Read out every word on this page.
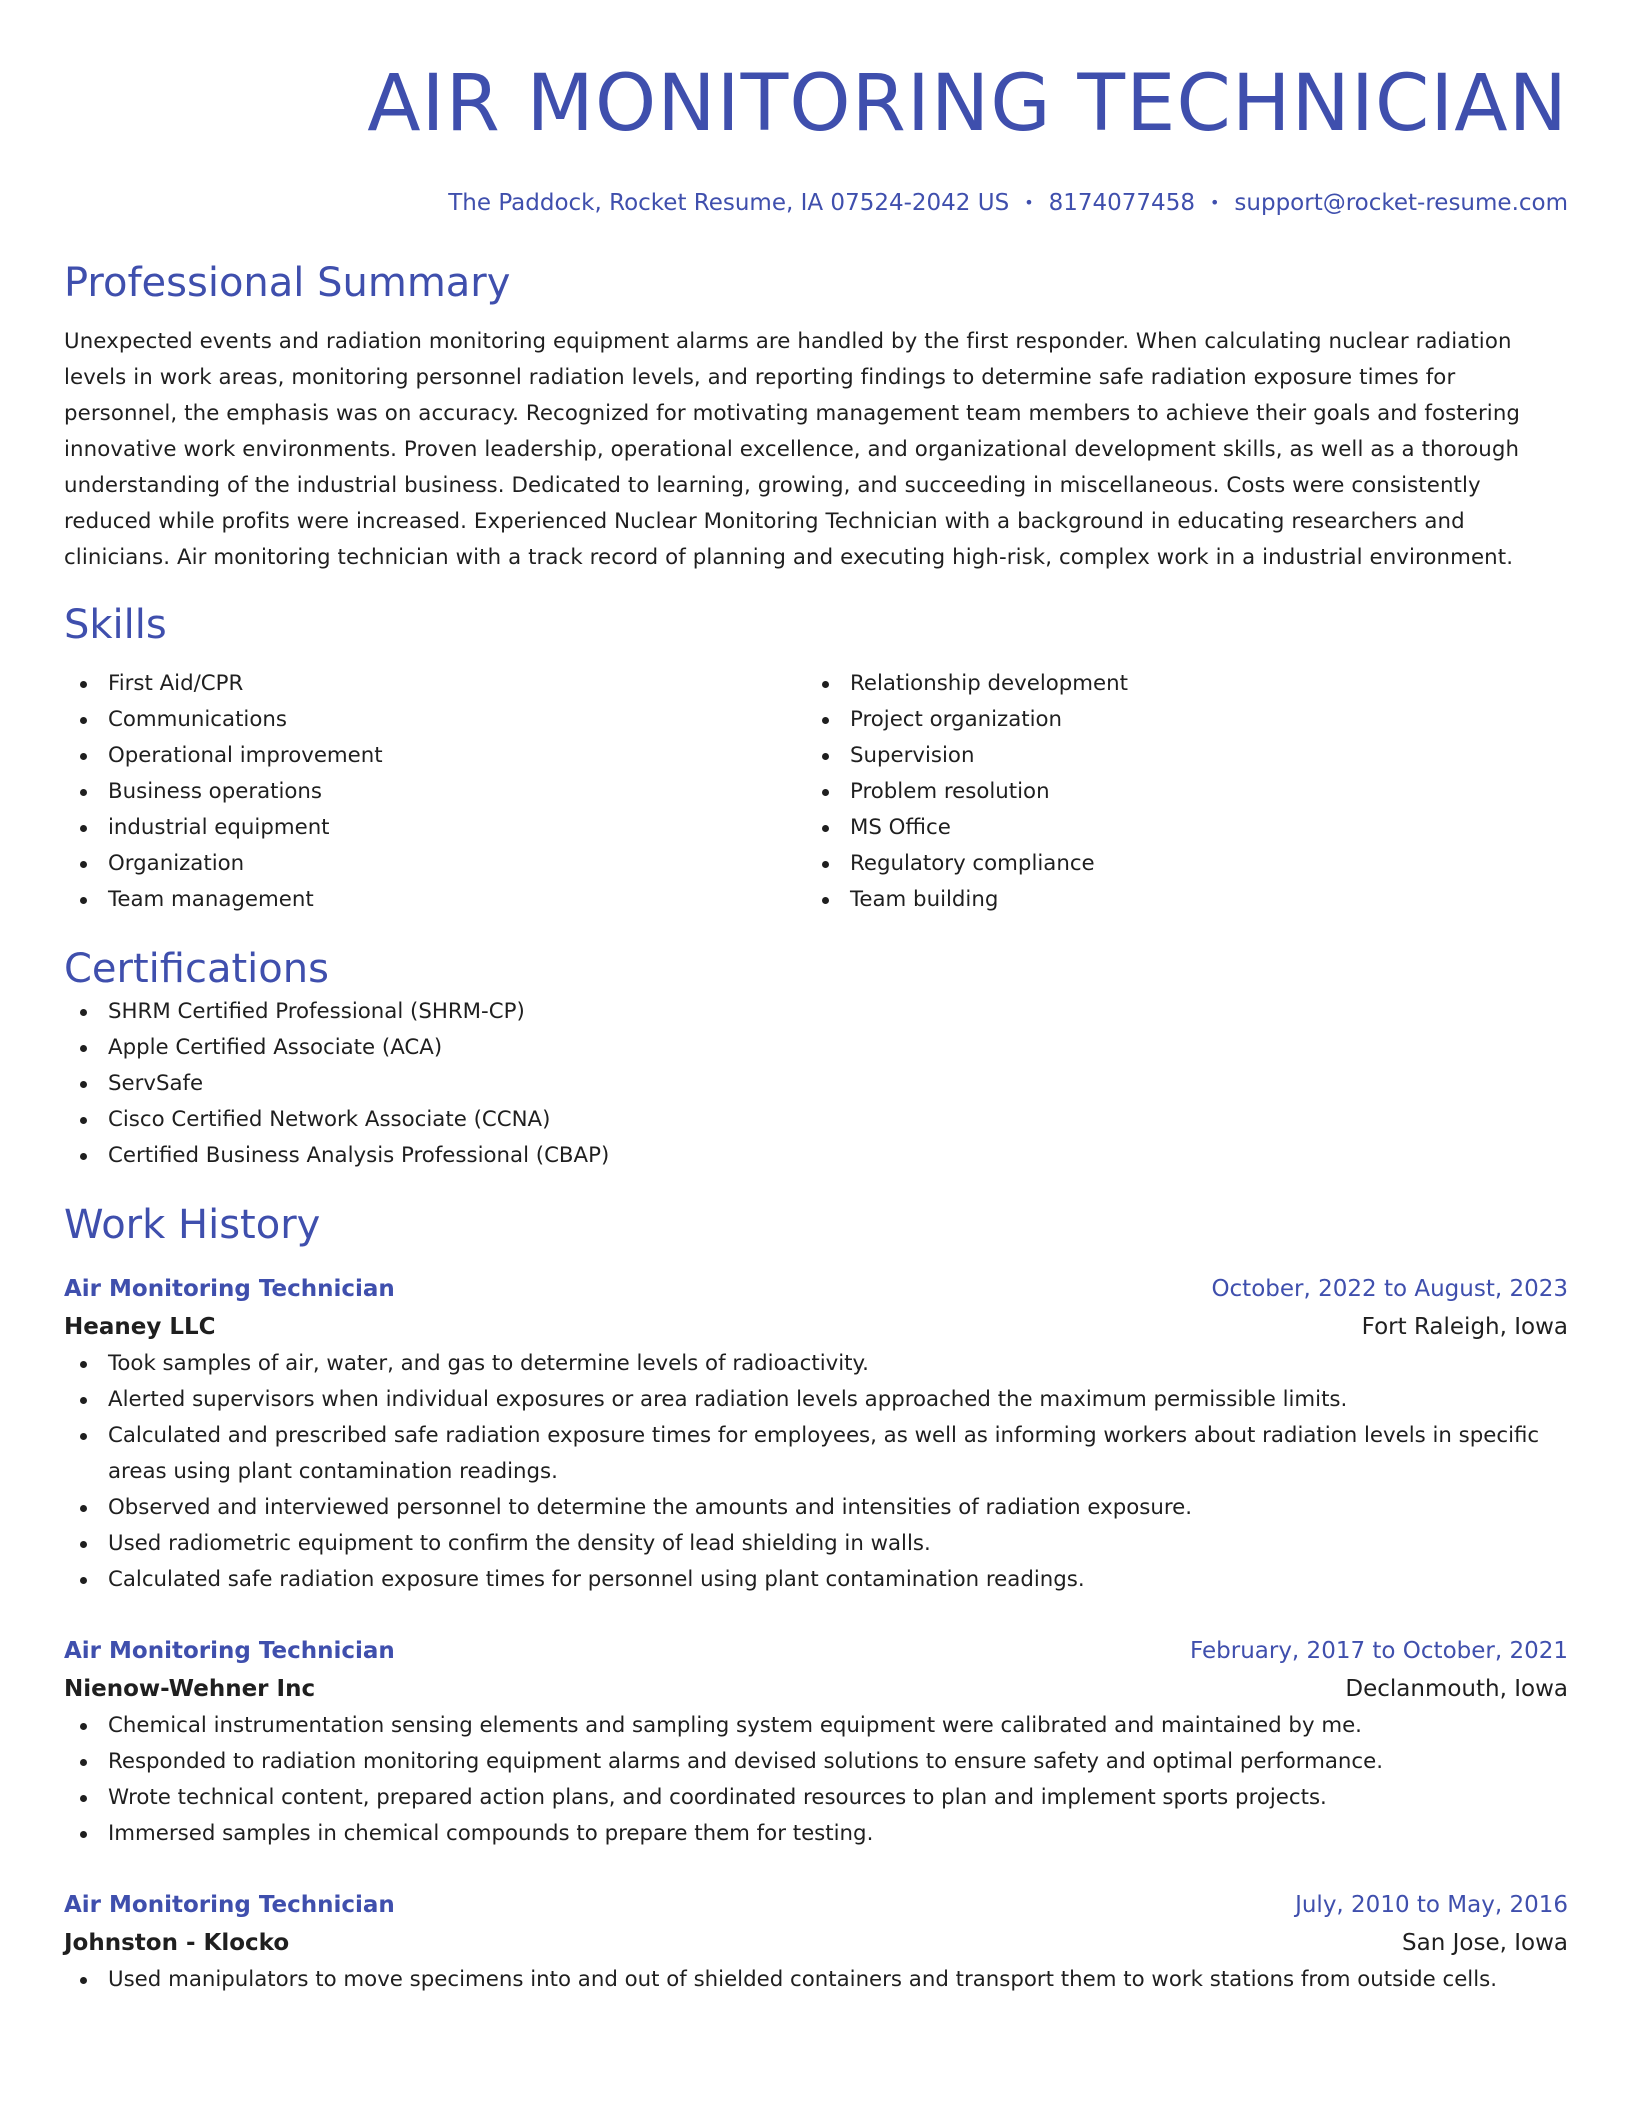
AIR MONITORING TECHNICIAN
The Paddock, Rocket Resume, IA 07524-2042 US • 8174077458 • support@rocket-resume.com
Professional Summary
Unexpected events and radiation monitoring equipment alarms are handled by the first responder. When calculating nuclear radiation levels in work areas, monitoring personnel radiation levels, and reporting findings to determine safe radiation exposure times for personnel, the emphasis was on accuracy. Recognized for motivating management team members to achieve their goals and fostering innovative work environments. Proven leadership, operational excellence, and organizational development skills, as well as a thorough understanding of the industrial business. Dedicated to learning, growing, and succeeding in miscellaneous. Costs were consistently reduced while profits were increased. Experienced Nuclear Monitoring Technician with a background in educating researchers and clinicians. Air monitoring technician with a track record of planning and executing high-risk, complex work in a industrial environment.
Skills
First Aid/CPR
Communications
Operational improvement
Business operations
industrial equipment
Organization
Team management
Relationship development
Project organization
Supervision
Problem resolution
MS Office
Regulatory compliance
Team building
Certifications
SHRM Certified Professional (SHRM-CP)
Apple Certified Associate (ACA)
ServSafe
Cisco Certified Network Associate (CCNA)
Certified Business Analysis Professional (CBAP)
Work History
Air Monitoring Technician	October, 2022 to August, 2023
Heaney LLC	Fort Raleigh, Iowa
Took samples of air, water, and gas to determine levels of radioactivity.
Alerted supervisors when individual exposures or area radiation levels approached the maximum permissible limits.
Calculated and prescribed safe radiation exposure times for employees, as well as informing workers about radiation levels in specific areas using plant contamination readings.
Observed and interviewed personnel to determine the amounts and intensities of radiation exposure.
Used radiometric equipment to confirm the density of lead shielding in walls.
Calculated safe radiation exposure times for personnel using plant contamination readings.
Air Monitoring Technician	February, 2017 to October, 2021
Nienow-Wehner Inc	Declanmouth, Iowa
Chemical instrumentation sensing elements and sampling system equipment were calibrated and maintained by me.
Responded to radiation monitoring equipment alarms and devised solutions to ensure safety and optimal performance.
Wrote technical content, prepared action plans, and coordinated resources to plan and implement sports projects.
Immersed samples in chemical compounds to prepare them for testing.
Air Monitoring Technician	July, 2010 to May, 2016
Johnston - Klocko	San Jose, Iowa
Used manipulators to move specimens into and out of shielded containers and transport them to work stations from outside cells.
